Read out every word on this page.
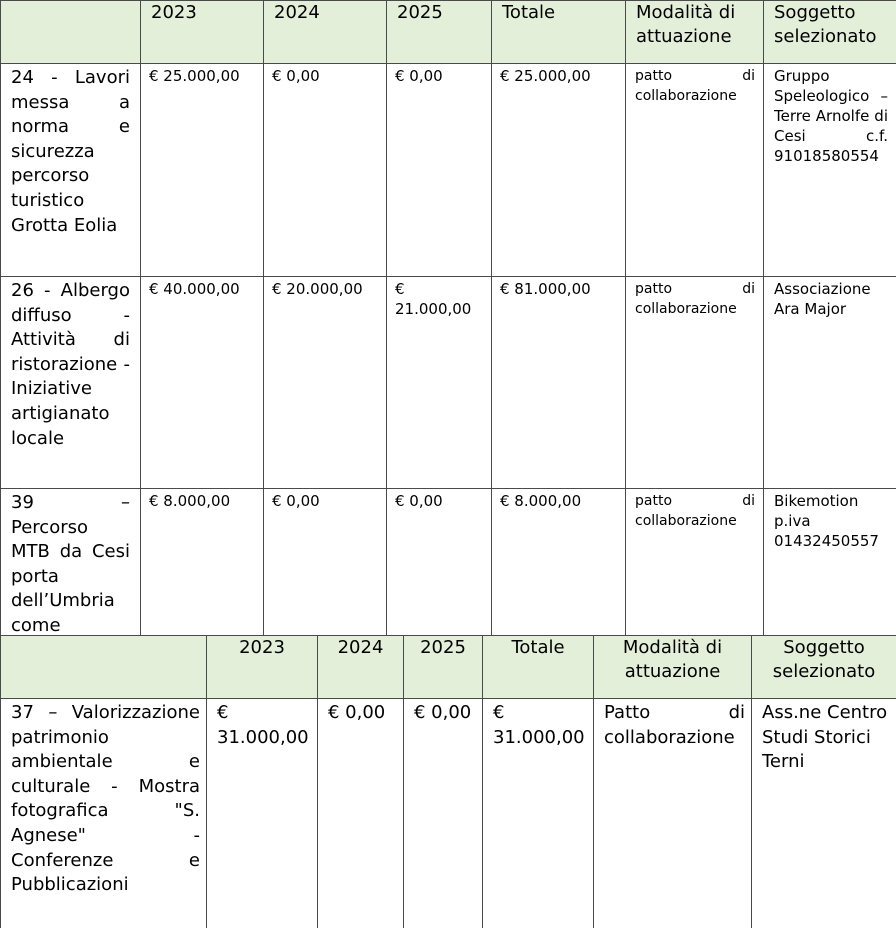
	2023	2024	2025	Totale	Modalità di attuazione	Soggetto selezionato
24 - Lavori messa a norma e sicurezza percorso turistico Grotta Eolia	€ 25.000,00	€ 0,00	€ 0,00	€ 25.000,00	patto di collaborazione	Gruppo Speleologico – Terre Arnolfe di Cesi c.f. 91018580554
26 - Albergo diffuso - Attività di ristorazione - Iniziative artigianato locale	€ 40.000,00	€ 20.000,00	€ 21.000,00	€ 81.000,00	patto di collaborazione	Associazione Ara Major
39 – Percorso MTB da Cesi porta dell’Umbria come	€ 8.000,00	€ 0,00	€ 0,00	€ 8.000,00	patto di collaborazione	Bikemotion p.iva 01432450557
	2023	2024	2025	Totale	Modalità di attuazione	Soggetto selezionato
37 – Valorizzazione patrimonio ambientale e culturale - Mostra fotografica "S. Agnese" - Conferenze e Pubblicazioni	€ 31.000,00	€ 0,00	€ 0,00	€ 31.000,00	Patto di collaborazione	Ass.ne Centro Studi Storici Terni
